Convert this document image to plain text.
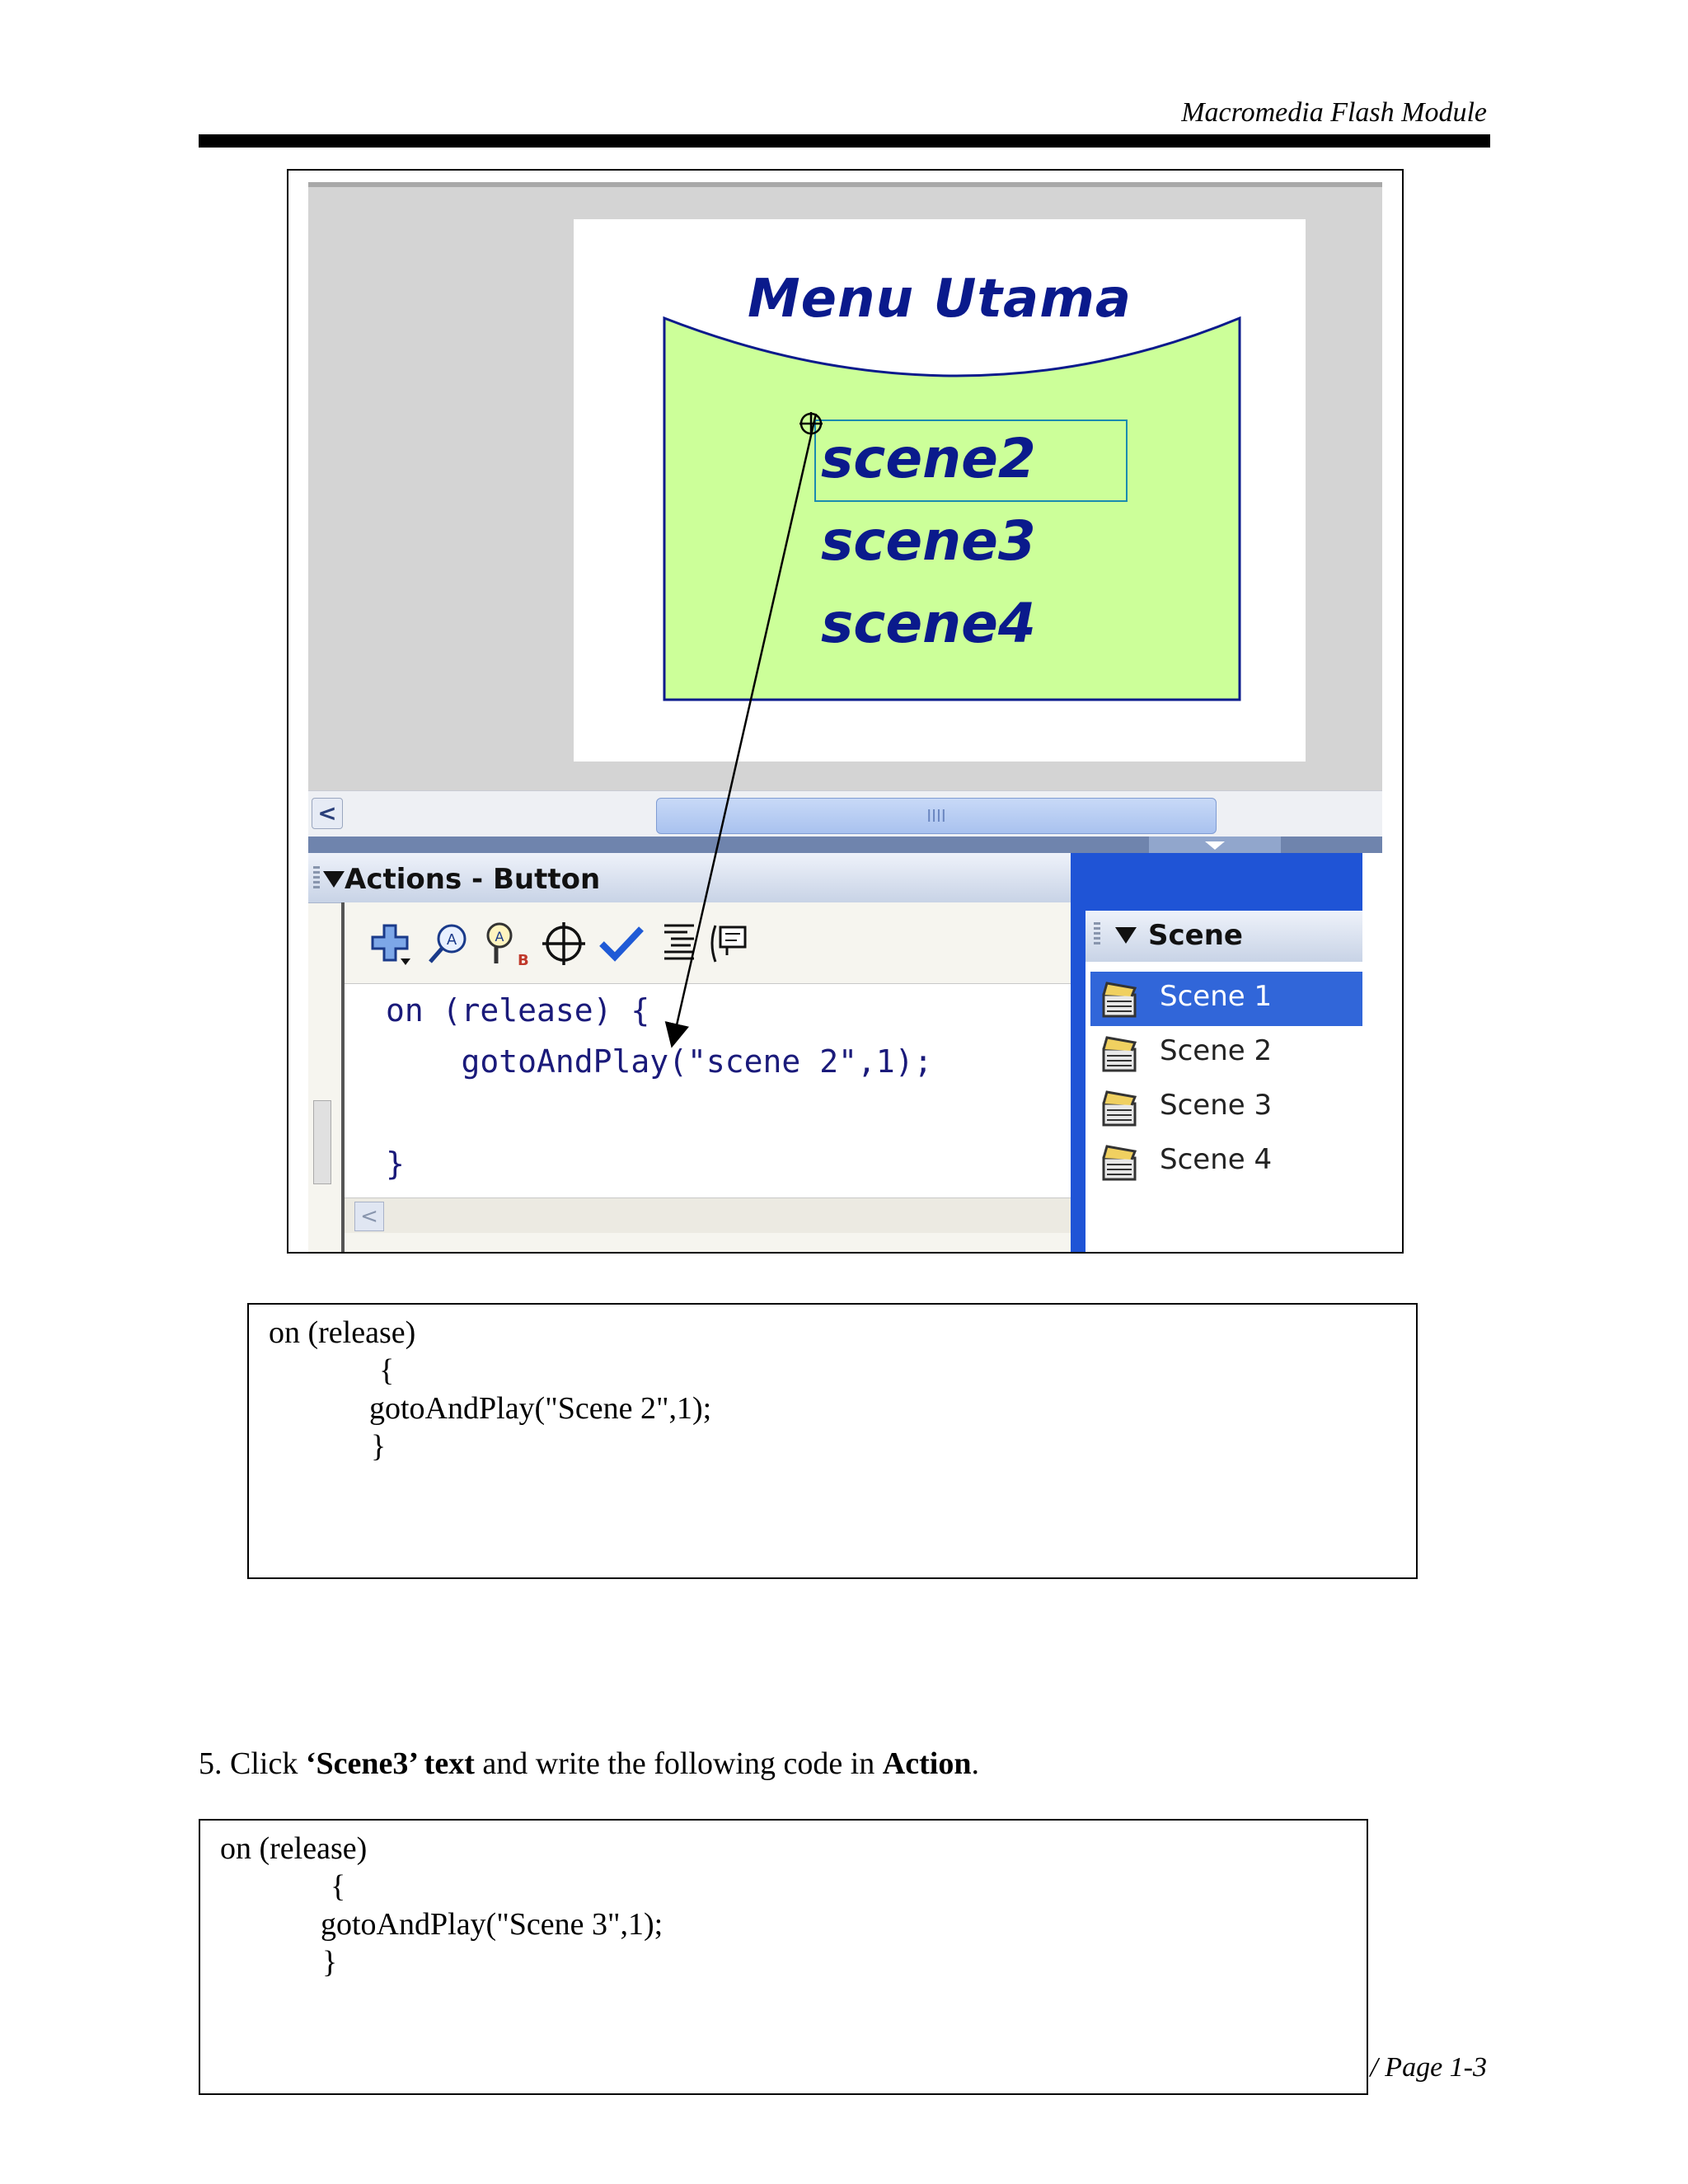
Macromedia Flash Module
Menu Utama
scene2
scene3
scene4
<	IIII
Actions - Button
A	A
B
on (release) {
gotoAndPlay("scene 2",1);
}
<
Scene
Scene 1
Scene 2
Scene 3
Scene 4
on (release)
{
gotoAndPlay("Scene 2",1);
}
5. Click ‘Scene3’ text and write the following code in Action.
on (release)
{
gotoAndPlay("Scene 3",1);
}
/ Page 1-3
